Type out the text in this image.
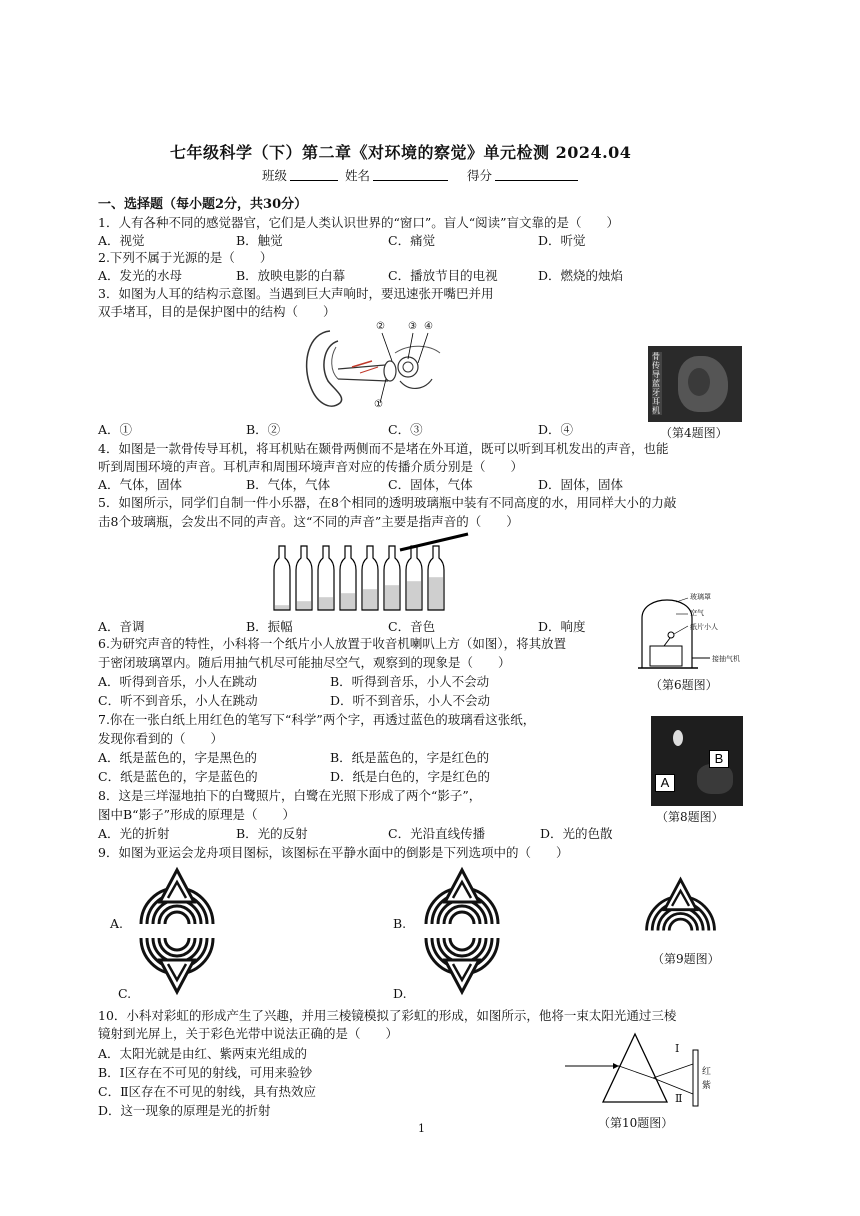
七年级科学（下）第二章《对环境的察觉》单元检测 2024.04
班级	姓名	得分
一、选择题（每小题2分，共30分）
1．人有各种不同的感觉器官，它们是人类认识世界的“窗口”。盲人“阅读”盲文靠的是（　　）
A．视觉	B．触觉	C．痛觉	D．听觉
2.下列不属于光源的是（　　）
A．发光的水母	B．放映电影的白幕	C．播放节目的电视	D．燃烧的烛焰
3．如图为人耳的结构示意图。当遇到巨大声响时，要迅速张开嘴巴并用
双手堵耳，目的是保护图中的结构（　　）
② ③ ④
①
骨传导蓝牙耳机
（第4题图）
A．①	B．②	C．③	D．④
4．如图是一款骨传导耳机，将耳机贴在颞骨两侧而不是堵在外耳道，既可以听到耳机发出的声音，也能
听到周围环境的声音。耳机声和周围环境声音对应的传播介质分别是（　　）
A．气体，固体	B．气体，气体	C．固体，气体	D．固体，固体
5．如图所示，同学们自制一件小乐器，在8个相同的透明玻璃瓶中装有不同高度的水，用同样大小的力敲
击8个玻璃瓶，会发出不同的声音。这“不同的声音”主要是指声音的（　　）
A．音调	B．振幅	C．音色	D．响度
玻璃罩
空气
纸片小人
接抽气机
（第6题图）
6.为研究声音的特性，小科将一个纸片小人放置于收音机喇叭上方（如图），将其放置
于密闭玻璃罩内。随后用抽气机尽可能抽尽空气，观察到的现象是（　　）
A．听得到音乐，小人在跳动	B．听得到音乐，小人不会动
C．听不到音乐，小人在跳动	D．听不到音乐，小人不会动
7.你在一张白纸上用红色的笔写下“科学”两个字，再透过蓝色的玻璃看这张纸，
发现你看到的（　　）
A．纸是蓝色的，字是黑色的	B．纸是蓝色的，字是红色的
C．纸是蓝色的，字是蓝色的	D．纸是白色的，字是红色的
B
A
（第8题图）
8．这是三垟湿地拍下的白鹭照片，白鹭在光照下形成了两个“影子”，
图中B“影子”形成的原理是（　　）
A．光的折射	B．光的反射	C．光沿直线传播	D．光的色散
9．如图为亚运会龙舟项目图标，该图标在平静水面中的倒影是下列选项中的（　　）
A.	B.
（第9题图）
C.	D.
10．小科对彩虹的形成产生了兴趣，并用三棱镜模拟了彩虹的形成，如图所示，他将一束太阳光通过三棱
镜射到光屏上，关于彩色光带中说法正确的是（　　）
A．太阳光就是由红、紫两束光组成的
B．Ⅰ区存在不可见的射线，可用来验钞
C．Ⅱ区存在不可见的射线，具有热效应
D．这一现象的原理是光的折射
Ⅰ
Ⅱ
红
紫
（第10题图）
1
